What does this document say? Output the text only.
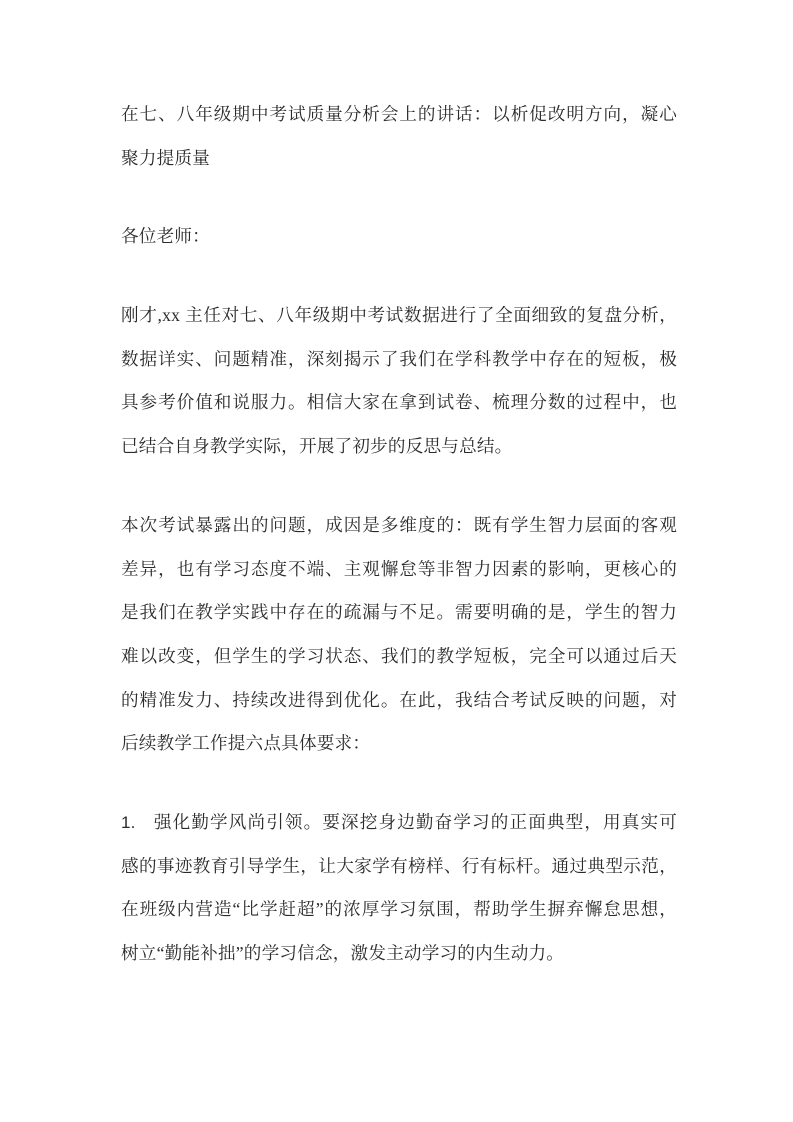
在七、八年级期中考试质量分析会上的讲话：以析促改明方向，凝心
聚力提质量
各位老师：
刚才,xx 主任对七、八年级期中考试数据进行了全面细致的复盘分析，
数据详实、问题精准，深刻揭示了我们在学科教学中存在的短板，极
具参考价值和说服力。相信大家在拿到试卷、梳理分数的过程中，也
已结合自身教学实际，开展了初步的反思与总结。
本次考试暴露出的问题，成因是多维度的：既有学生智力层面的客观
差异，也有学习态度不端、主观懈怠等非智力因素的影响，更核心的
是我们在教学实践中存在的疏漏与不足。需要明确的是，学生的智力
难以改变，但学生的学习状态、我们的教学短板，完全可以通过后天
的精准发力、持续改进得到优化。在此，我结合考试反映的问题，对
后续教学工作提六点具体要求：
1. 强化勤学风尚引领。要深挖身边勤奋学习的正面典型，用真实可
感的事迹教育引导学生，让大家学有榜样、行有标杆。通过典型示范，
在班级内营造“比学赶超”的浓厚学习氛围，帮助学生摒弃懈怠思想，
树立“勤能补拙”的学习信念，激发主动学习的内生动力。
